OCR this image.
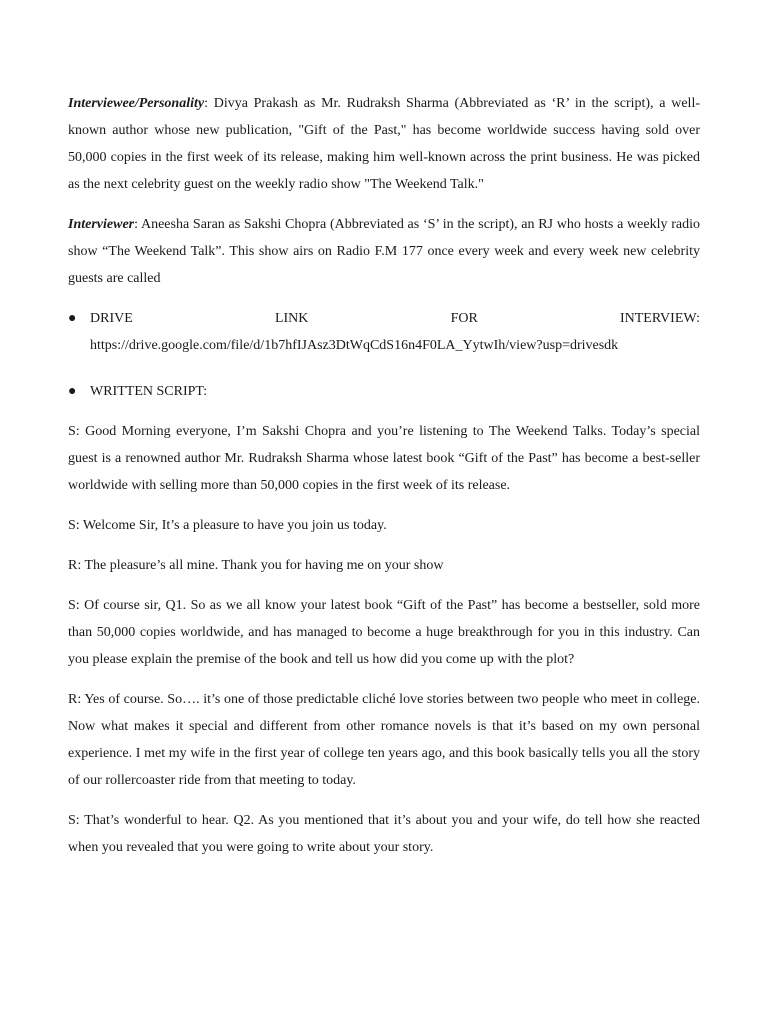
Interviewee/Personality: Divya Prakash as Mr. Rudraksh Sharma (Abbreviated as ‘R’ in the script), a well-known author whose new publication, "Gift of the Past," has become worldwide success having sold over 50,000 copies in the first week of its release, making him well-known across the print business. He was picked as the next celebrity guest on the weekly radio show "The Weekend Talk."

Interviewer: Aneesha Saran as Sakshi Chopra (Abbreviated as ‘S’ in the script), an RJ who hosts a weekly radio show “The Weekend Talk”. This show airs on Radio F.M 177 once every week and every week new celebrity guests are called

● DRIVE	LINK	FOR	INTERVIEW:
https://drive.google.com/file/d/1b7hfIJAsz3DtWqCdS16n4F0LA_YytwIh/view?usp=drivesdk
● WRITTEN SCRIPT:

S: Good Morning everyone, I’m Sakshi Chopra and you’re listening to The Weekend Talks. Today’s special guest is a renowned author Mr. Rudraksh Sharma whose latest book “Gift of the Past” has become a best-seller worldwide with selling more than 50,000 copies in the first week of its release.

S: Welcome Sir, It’s a pleasure to have you join us today.

R: The pleasure’s all mine. Thank you for having me on your show

S: Of course sir, Q1. So as we all know your latest book “Gift of the Past” has become a bestseller, sold more than 50,000 copies worldwide, and has managed to become a huge breakthrough for you in this industry. Can you please explain the premise of the book and tell us how did you come up with the plot?

R: Yes of course. So…. it’s one of those predictable cliché love stories between two people who meet in college. Now what makes it special and different from other romance novels is that it’s based on my own personal experience. I met my wife in the first year of college ten years ago, and this book basically tells you all the story of our rollercoaster ride from that meeting to today.

S: That’s wonderful to hear. Q2. As you mentioned that it’s about you and your wife, do tell how she reacted when you revealed that you were going to write about your story.
